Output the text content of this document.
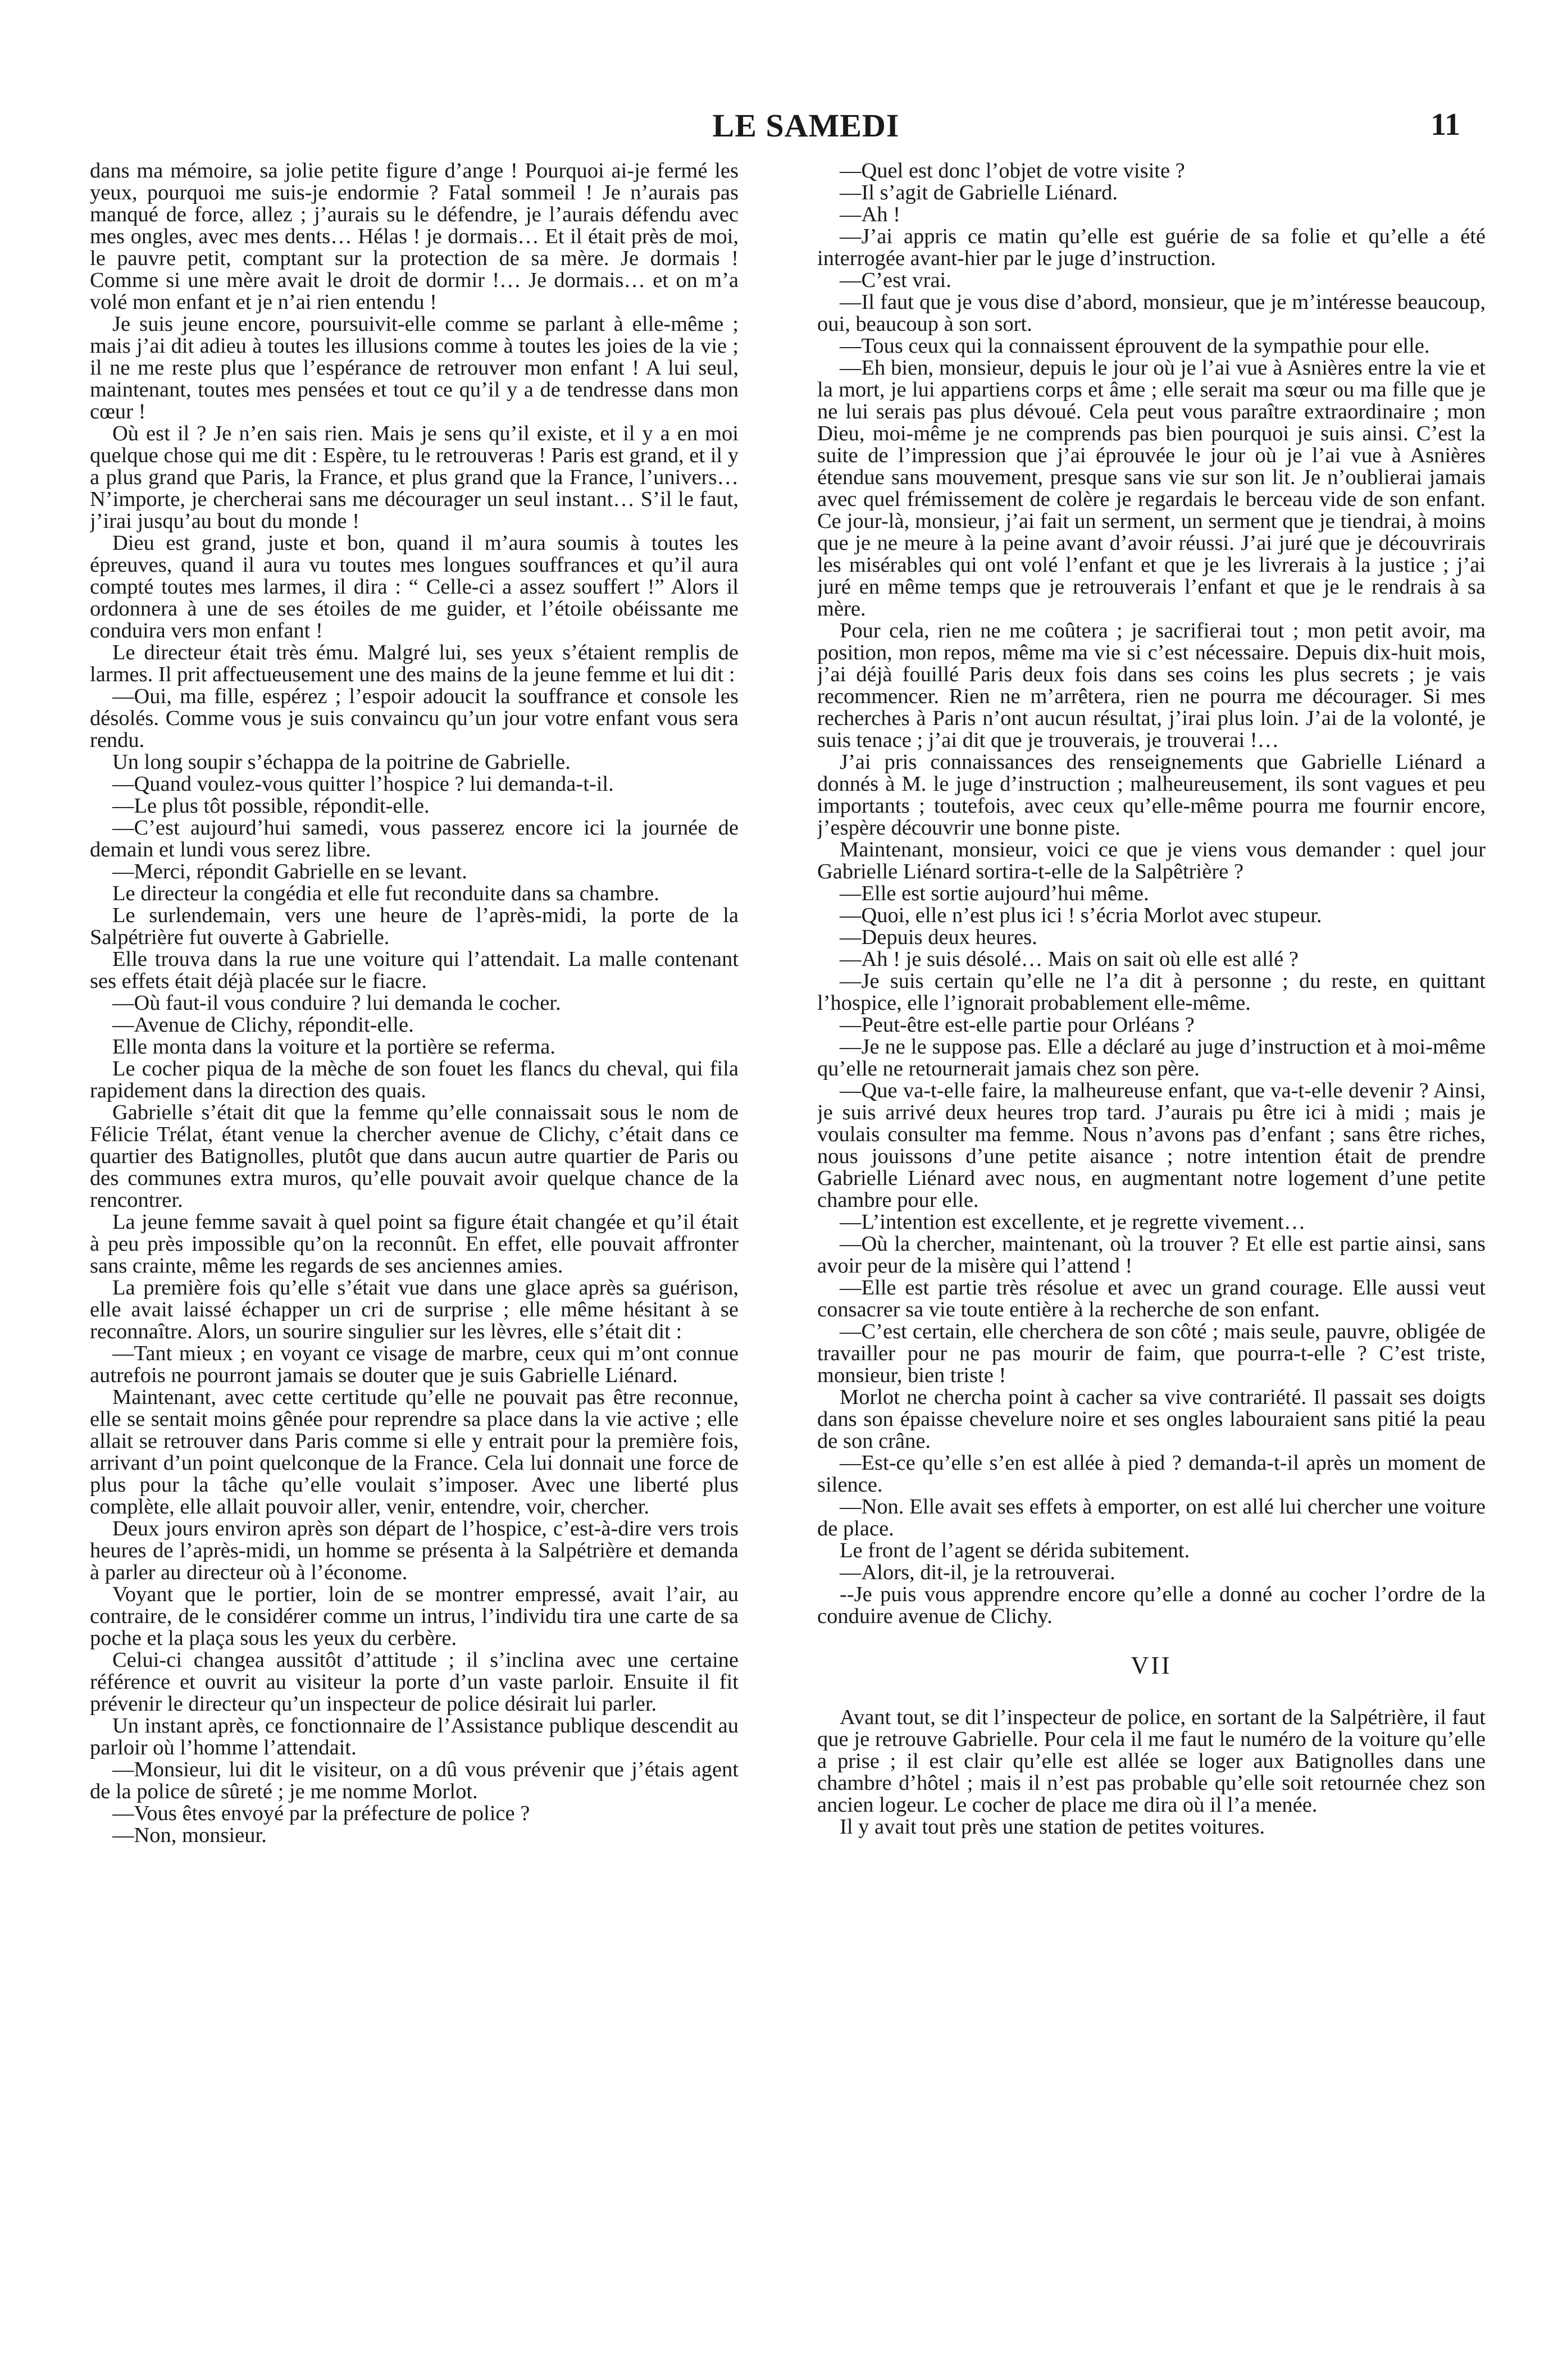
LE SAMEDI	11

dans ma mémoire, sa jolie petite figure d’ange ! Pourquoi ai-je fermé les yeux, pourquoi me suis-je endormie ? Fatal sommeil ! Je n’aurais pas manqué de force, allez ; j’aurais su le défendre, je l’aurais défendu avec mes ongles, avec mes dents… Hélas ! je dormais… Et il était près de moi, le pauvre petit, comptant sur la protection de sa mère. Je dormais ! Comme si une mère avait le droit de dormir !… Je dormais… et on m’a volé mon enfant et je n’ai rien entendu !

Je suis jeune encore, poursuivit-elle comme se parlant à elle-même ; mais j’ai dit adieu à toutes les illusions comme à toutes les joies de la vie ; il ne me reste plus que l’espérance de retrouver mon enfant ! A lui seul, maintenant, toutes mes pensées et tout ce qu’il y a de tendresse dans mon cœur !

Où est il ? Je n’en sais rien. Mais je sens qu’il existe, et il y a en moi quelque chose qui me dit : Espère, tu le retrouveras ! Paris est grand, et il y a plus grand que Paris, la France, et plus grand que la France, l’univers… N’importe, je chercherai sans me décourager un seul instant… S’il le faut, j’irai jusqu’au bout du monde !

Dieu est grand, juste et bon, quand il m’aura soumis à toutes les épreuves, quand il aura vu toutes mes longues souffrances et qu’il aura compté toutes mes larmes, il dira : “ Celle-ci a assez souffert !” Alors il ordonnera à une de ses étoiles de me guider, et l’étoile obéissante me conduira vers mon enfant !

Le directeur était très ému. Malgré lui, ses yeux s’étaient remplis de larmes. Il prit affectueusement une des mains de la jeune femme et lui dit :

—Oui, ma fille, espérez ; l’espoir adoucit la souffrance et console les désolés. Comme vous je suis convaincu qu’un jour votre enfant vous sera rendu.

Un long soupir s’échappa de la poitrine de Gabrielle.

—Quand voulez-vous quitter l’hospice ? lui demanda-t-il.

—Le plus tôt possible, répondit-elle.

—C’est aujourd’hui samedi, vous passerez encore ici la journée de demain et lundi vous serez libre.

—Merci, répondit Gabrielle en se levant.

Le directeur la congédia et elle fut reconduite dans sa chambre.

Le surlendemain, vers une heure de l’après-midi, la porte de la Salpétrière fut ouverte à Gabrielle.

Elle trouva dans la rue une voiture qui l’attendait. La malle contenant ses effets était déjà placée sur le fiacre.

—Où faut-il vous conduire ? lui demanda le cocher.

—Avenue de Clichy, répondit-elle.

Elle monta dans la voiture et la portière se referma.

Le cocher piqua de la mèche de son fouet les flancs du cheval, qui fila rapidement dans la direction des quais.

Gabrielle s’était dit que la femme qu’elle connaissait sous le nom de Félicie Trélat, étant venue la chercher avenue de Clichy, c’était dans ce quartier des Batignolles, plutôt que dans aucun autre quartier de Paris ou des communes extra muros, qu’elle pouvait avoir quelque chance de la rencontrer.

La jeune femme savait à quel point sa figure était changée et qu’il était à peu près impossible qu’on la reconnût. En effet, elle pouvait affronter sans crainte, même les regards de ses anciennes amies.

La première fois qu’elle s’était vue dans une glace après sa guérison, elle avait laissé échapper un cri de surprise ; elle même hésitant à se reconnaître. Alors, un sourire singulier sur les lèvres, elle s’était dit :

—Tant mieux ; en voyant ce visage de marbre, ceux qui m’ont connue autrefois ne pourront jamais se douter que je suis Gabrielle Liénard.

Maintenant, avec cette certitude qu’elle ne pouvait pas être reconnue, elle se sentait moins gênée pour reprendre sa place dans la vie active ; elle allait se retrouver dans Paris comme si elle y entrait pour la première fois, arrivant d’un point quelconque de la France. Cela lui donnait une force de plus pour la tâche qu’elle voulait s’imposer. Avec une liberté plus complète, elle allait pouvoir aller, venir, entendre, voir, chercher.

Deux jours environ après son départ de l’hospice, c’est-à-dire vers trois heures de l’après-midi, un homme se présenta à la Salpétrière et demanda à parler au directeur où à l’économe.

Voyant que le portier, loin de se montrer empressé, avait l’air, au contraire, de le considérer comme un intrus, l’individu tira une carte de sa poche et la plaça sous les yeux du cerbère.

Celui-ci changea aussitôt d’attitude ; il s’inclina avec une certaine référence et ouvrit au visiteur la porte d’un vaste parloir. Ensuite il fit prévenir le directeur qu’un inspecteur de police désirait lui parler.

Un instant après, ce fonctionnaire de l’Assistance publique descendit au parloir où l’homme l’attendait.

—Monsieur, lui dit le visiteur, on a dû vous prévenir que j’étais agent de la police de sûreté ; je me nomme Morlot.

—Vous êtes envoyé par la préfecture de police ?

—Non, monsieur.

—Quel est donc l’objet de votre visite ?

—Il s’agit de Gabrielle Liénard.

—Ah !

—J’ai appris ce matin qu’elle est guérie de sa folie et qu’elle a été interrogée avant-hier par le juge d’instruction.

—C’est vrai.

—Il faut que je vous dise d’abord, monsieur, que je m’intéresse beaucoup, oui, beaucoup à son sort.

—Tous ceux qui la connaissent éprouvent de la sympathie pour elle.

—Eh bien, monsieur, depuis le jour où je l’ai vue à Asnières entre la vie et la mort, je lui appartiens corps et âme ; elle serait ma sœur ou ma fille que je ne lui serais pas plus dévoué. Cela peut vous paraître extraordinaire ; mon Dieu, moi-même je ne comprends pas bien pourquoi je suis ainsi. C’est la suite de l’impression que j’ai éprouvée le jour où je l’ai vue à Asnières étendue sans mouvement, presque sans vie sur son lit. Je n’oublierai jamais avec quel frémissement de colère je regardais le berceau vide de son enfant. Ce jour-là, monsieur, j’ai fait un serment, un serment que je tiendrai, à moins que je ne meure à la peine avant d’avoir réussi. J’ai juré que je découvrirais les misérables qui ont volé l’enfant et que je les livrerais à la justice ; j’ai juré en même temps que je retrouverais l’enfant et que je le rendrais à sa mère.

Pour cela, rien ne me coûtera ; je sacrifierai tout ; mon petit avoir, ma position, mon repos, même ma vie si c’est nécessaire. Depuis dix-huit mois, j’ai déjà fouillé Paris deux fois dans ses coins les plus secrets ; je vais recommencer. Rien ne m’arrêtera, rien ne pourra me décourager. Si mes recherches à Paris n’ont aucun résultat, j’irai plus loin. J’ai de la volonté, je suis tenace ; j’ai dit que je trouverais, je trouverai !…

J’ai pris connaissances des renseignements que Gabrielle Liénard a donnés à M. le juge d’instruction ; malheureusement, ils sont vagues et peu importants ; toutefois, avec ceux qu’elle-même pourra me fournir encore, j’espère découvrir une bonne piste.

Maintenant, monsieur, voici ce que je viens vous demander : quel jour Gabrielle Liénard sortira-t-elle de la Salpêtrière ?

—Elle est sortie aujourd’hui même.

—Quoi, elle n’est plus ici ! s’écria Morlot avec stupeur.

—Depuis deux heures.

—Ah ! je suis désolé… Mais on sait où elle est allé ?

—Je suis certain qu’elle ne l’a dit à personne ; du reste, en quittant l’hospice, elle l’ignorait probablement elle-même.

—Peut-être est-elle partie pour Orléans ?

—Je ne le suppose pas. Elle a déclaré au juge d’instruction et à moi-même qu’elle ne retournerait jamais chez son père.

—Que va-t-elle faire, la malheureuse enfant, que va-t-elle devenir ? Ainsi, je suis arrivé deux heures trop tard. J’aurais pu être ici à midi ; mais je voulais consulter ma femme. Nous n’avons pas d’enfant ; sans être riches, nous jouissons d’une petite aisance ; notre intention était de prendre Gabrielle Liénard avec nous, en augmentant notre logement d’une petite chambre pour elle.

—L’intention est excellente, et je regrette vivement…

—Où la chercher, maintenant, où la trouver ? Et elle est partie ainsi, sans avoir peur de la misère qui l’attend !

—Elle est partie très résolue et avec un grand courage. Elle aussi veut consacrer sa vie toute entière à la recherche de son enfant.

—C’est certain, elle cherchera de son côté ; mais seule, pauvre, obligée de travailler pour ne pas mourir de faim, que pourra-t-elle ? C’est triste, monsieur, bien triste !

Morlot ne chercha point à cacher sa vive contrariété. Il passait ses doigts dans son épaisse chevelure noire et ses ongles labouraient sans pitié la peau de son crâne.

—Est-ce qu’elle s’en est allée à pied ? demanda-t-il après un moment de silence.

—Non. Elle avait ses effets à emporter, on est allé lui chercher une voiture de place.

Le front de l’agent se dérida subitement.

—Alors, dit-il, je la retrouverai.

--Je puis vous apprendre encore qu’elle a donné au cocher l’ordre de la conduire avenue de Clichy.

VII

Avant tout, se dit l’inspecteur de police, en sortant de la Salpétrière, il faut que je retrouve Gabrielle. Pour cela il me faut le numéro de la voiture qu’elle a prise ; il est clair qu’elle est allée se loger aux Batignolles dans une chambre d’hôtel ; mais il n’est pas probable qu’elle soit retournée chez son ancien logeur. Le cocher de place me dira où il l’a menée.

Il y avait tout près une station de petites voitures.
